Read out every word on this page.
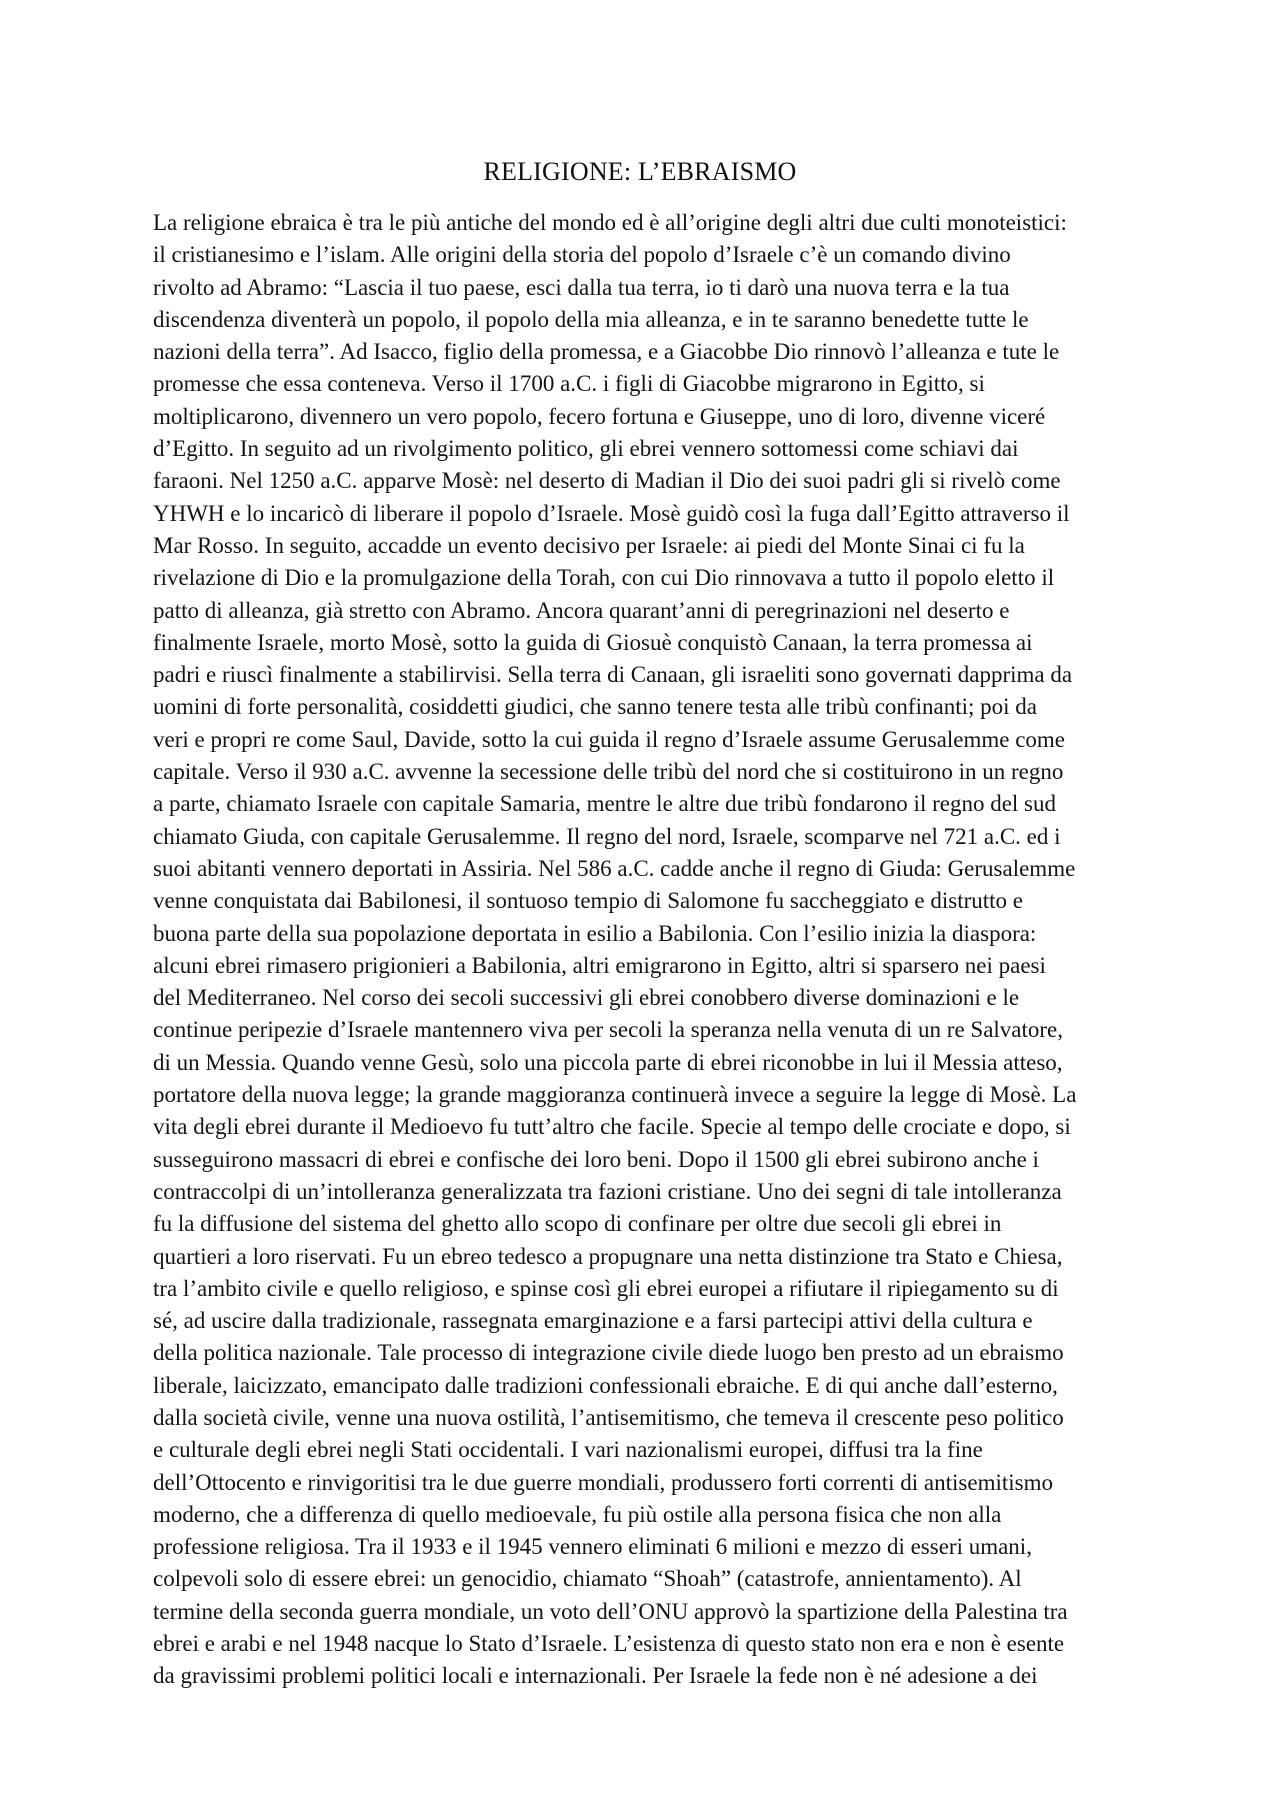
RELIGIONE: L’EBRAISMO
La religione ebraica è tra le più antiche del mondo ed è all’origine degli altri due culti monoteistici:
il cristianesimo e l’islam. Alle origini della storia del popolo d’Israele c’è un comando divino
rivolto ad Abramo: “Lascia il tuo paese, esci dalla tua terra, io ti darò una nuova terra e la tua
discendenza diventerà un popolo, il popolo della mia alleanza, e in te saranno benedette tutte le
nazioni della terra”. Ad Isacco, figlio della promessa, e a Giacobbe Dio rinnovò l’alleanza e tute le
promesse che essa conteneva. Verso il 1700 a.C. i figli di Giacobbe migrarono in Egitto, si
moltiplicarono, divennero un vero popolo, fecero fortuna e Giuseppe, uno di loro, divenne viceré
d’Egitto. In seguito ad un rivolgimento politico, gli ebrei vennero sottomessi come schiavi dai
faraoni. Nel 1250 a.C. apparve Mosè: nel deserto di Madian il Dio dei suoi padri gli si rivelò come
YHWH e lo incaricò di liberare il popolo d’Israele. Mosè guidò così la fuga dall’Egitto attraverso il
Mar Rosso. In seguito, accadde un evento decisivo per Israele: ai piedi del Monte Sinai ci fu la
rivelazione di Dio e la promulgazione della Torah, con cui Dio rinnovava a tutto il popolo eletto il
patto di alleanza, già stretto con Abramo. Ancora quarant’anni di peregrinazioni nel deserto e
finalmente Israele, morto Mosè, sotto la guida di Giosuè conquistò Canaan, la terra promessa ai
padri e riuscì finalmente a stabilirvisi. Sella terra di Canaan, gli israeliti sono governati dapprima da
uomini di forte personalità, cosiddetti giudici, che sanno tenere testa alle tribù confinanti; poi da
veri e propri re come Saul, Davide, sotto la cui guida il regno d’Israele assume Gerusalemme come
capitale. Verso il 930 a.C. avvenne la secessione delle tribù del nord che si costituirono in un regno
a parte, chiamato Israele con capitale Samaria, mentre le altre due tribù fondarono il regno del sud
chiamato Giuda, con capitale Gerusalemme. Il regno del nord, Israele, scomparve nel 721 a.C. ed i
suoi abitanti vennero deportati in Assiria. Nel 586 a.C. cadde anche il regno di Giuda: Gerusalemme
venne conquistata dai Babilonesi, il sontuoso tempio di Salomone fu saccheggiato e distrutto e
buona parte della sua popolazione deportata in esilio a Babilonia. Con l’esilio inizia la diaspora:
alcuni ebrei rimasero prigionieri a Babilonia, altri emigrarono in Egitto, altri si sparsero nei paesi
del Mediterraneo. Nel corso dei secoli successivi gli ebrei conobbero diverse dominazioni e le
continue peripezie d’Israele mantennero viva per secoli la speranza nella venuta di un re Salvatore,
di un Messia. Quando venne Gesù, solo una piccola parte di ebrei riconobbe in lui il Messia atteso,
portatore della nuova legge; la grande maggioranza continuerà invece a seguire la legge di Mosè. La
vita degli ebrei durante il Medioevo fu tutt’altro che facile. Specie al tempo delle crociate e dopo, si
susseguirono massacri di ebrei e confische dei loro beni. Dopo il 1500 gli ebrei subirono anche i
contraccolpi di un’intolleranza generalizzata tra fazioni cristiane. Uno dei segni di tale intolleranza
fu la diffusione del sistema del ghetto allo scopo di confinare per oltre due secoli gli ebrei in
quartieri a loro riservati. Fu un ebreo tedesco a propugnare una netta distinzione tra Stato e Chiesa,
tra l’ambito civile e quello religioso, e spinse così gli ebrei europei a rifiutare il ripiegamento su di
sé, ad uscire dalla tradizionale, rassegnata emarginazione e a farsi partecipi attivi della cultura e
della politica nazionale. Tale processo di integrazione civile diede luogo ben presto ad un ebraismo
liberale, laicizzato, emancipato dalle tradizioni confessionali ebraiche. E di qui anche dall’esterno,
dalla società civile, venne una nuova ostilità, l’antisemitismo, che temeva il crescente peso politico
e culturale degli ebrei negli Stati occidentali. I vari nazionalismi europei, diffusi tra la fine
dell’Ottocento e rinvigoritisi tra le due guerre mondiali, produssero forti correnti di antisemitismo
moderno, che a differenza di quello medioevale, fu più ostile alla persona fisica che non alla
professione religiosa. Tra il 1933 e il 1945 vennero eliminati 6 milioni e mezzo di esseri umani,
colpevoli solo di essere ebrei: un genocidio, chiamato “Shoah” (catastrofe, annientamento). Al
termine della seconda guerra mondiale, un voto dell’ONU approvò la spartizione della Palestina tra
ebrei e arabi e nel 1948 nacque lo Stato d’Israele. L’esistenza di questo stato non era e non è esente
da gravissimi problemi politici locali e internazionali. Per Israele la fede non è né adesione a dei
